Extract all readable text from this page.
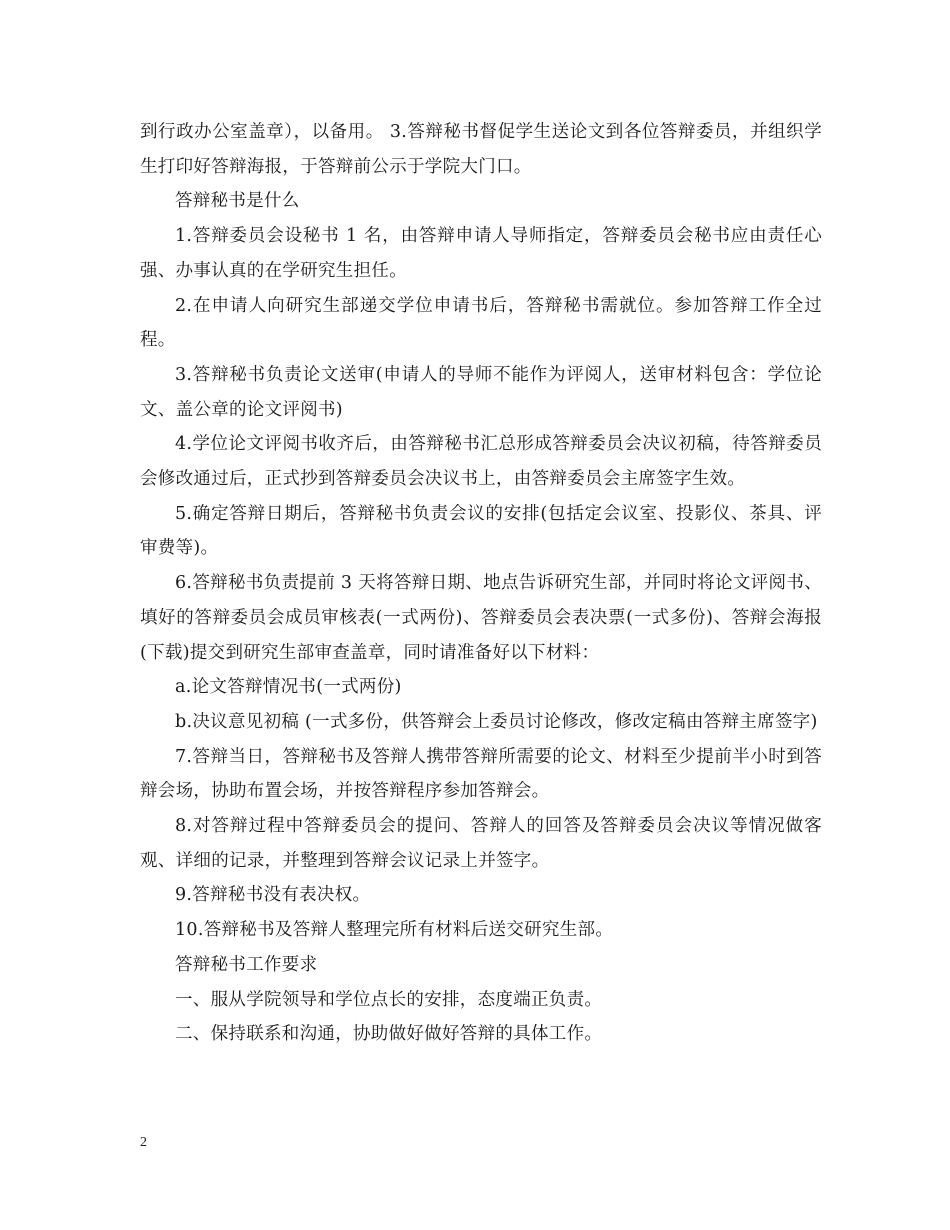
到行政办公室盖章），以备用。 3.答辩秘书督促学生送论文到各位答辩委员，并组织学生打印好答辩海报，于答辩前公示于学院大门口。

答辩秘书是什么

1.答辩委员会设秘书 1 名，由答辩申请人导师指定，答辩委员会秘书应由责任心强、办事认真的在学研究生担任。

2.在申请人向研究生部递交学位申请书后，答辩秘书需就位。参加答辩工作全过程。

3.答辩秘书负责论文送审(申请人的导师不能作为评阅人，送审材料包含：学位论文、盖公章的论文评阅书)

4.学位论文评阅书收齐后，由答辩秘书汇总形成答辩委员会决议初稿，待答辩委员会修改通过后，正式抄到答辩委员会决议书上，由答辩委员会主席签字生效。

5.确定答辩日期后，答辩秘书负责会议的安排(包括定会议室、投影仪、茶具、评审费等)。

6.答辩秘书负责提前 3 天将答辩日期、地点告诉研究生部，并同时将论文评阅书、填好的答辩委员会成员审核表(一式两份)、答辩委员会表决票(一式多份)、答辩会海报(下载)提交到研究生部审查盖章，同时请准备好以下材料：

a.论文答辩情况书(一式两份)

b.决议意见初稿 (一式多份，供答辩会上委员讨论修改，修改定稿由答辩主席签字)

7.答辩当日，答辩秘书及答辩人携带答辩所需要的论文、材料至少提前半小时到答辩会场，协助布置会场，并按答辩程序参加答辩会。

8.对答辩过程中答辩委员会的提问、答辩人的回答及答辩委员会决议等情况做客观、详细的记录，并整理到答辩会议记录上并签字。

9.答辩秘书没有表决权。

10.答辩秘书及答辩人整理完所有材料后送交研究生部。

答辩秘书工作要求

一、服从学院领导和学位点长的安排，态度端正负责。

二、保持联系和沟通，协助做好做好答辩的具体工作。

2
